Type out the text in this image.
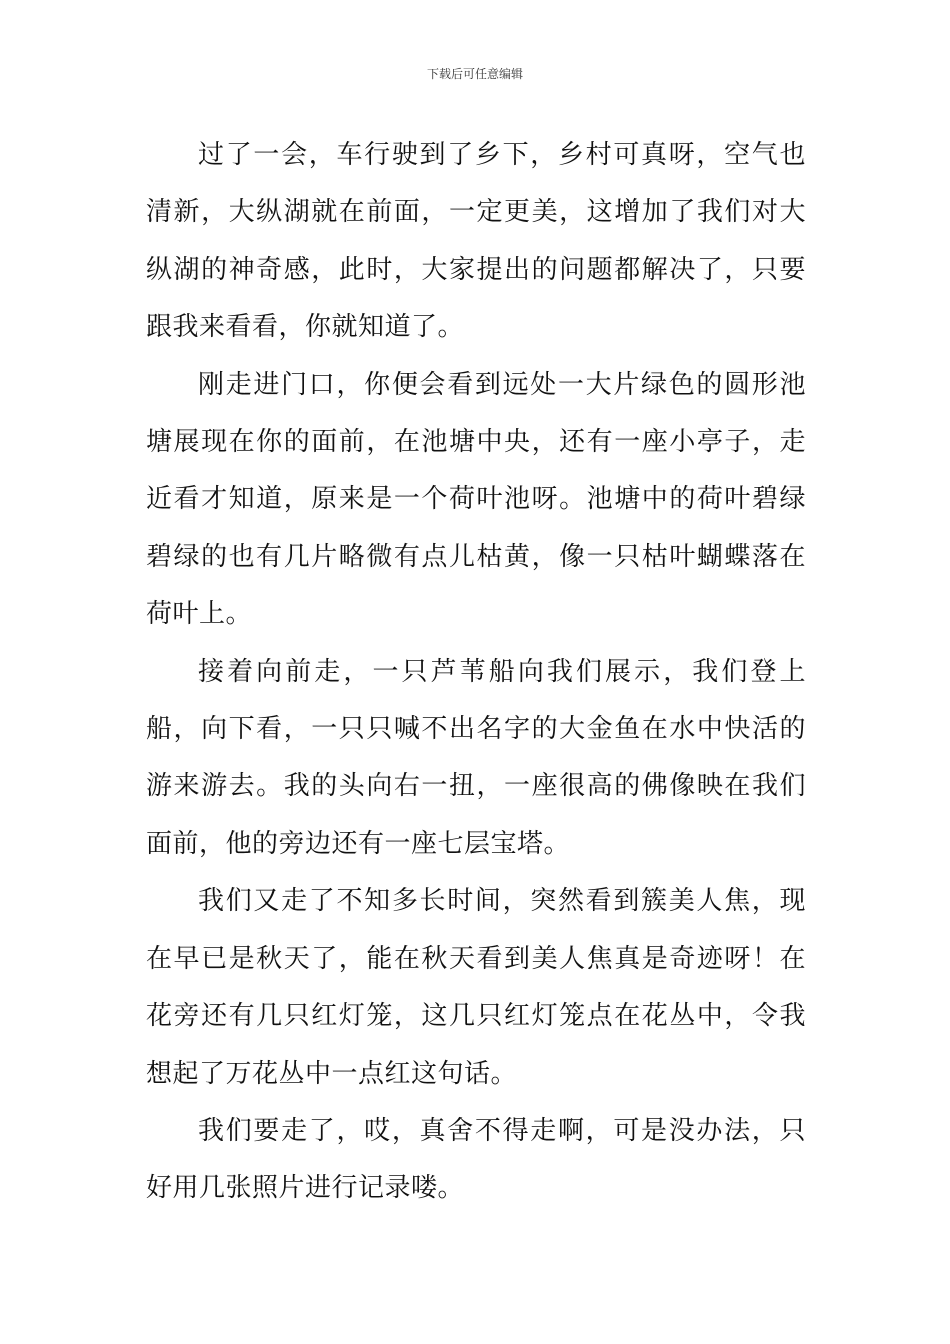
下载后可任意编辑

过了一会，车行驶到了乡下，乡村可真呀，空气也清新，大纵湖就在前面，一定更美，这增加了我们对大纵湖的神奇感，此时，大家提出的问题都解决了，只要跟我来看看，你就知道了。

刚走进门口，你便会看到远处一大片绿色的圆形池塘展现在你的面前，在池塘中央，还有一座小亭子，走近看才知道，原来是一个荷叶池呀。池塘中的荷叶碧绿碧绿的也有几片略微有点儿枯黄，像一只枯叶蝴蝶落在荷叶上。

接着向前走，一只芦苇船向我们展示，我们登上船，向下看，一只只喊不出名字的大金鱼在水中快活的游来游去。我的头向右一扭，一座很高的佛像映在我们面前，他的旁边还有一座七层宝塔。

我们又走了不知多长时间，突然看到簇美人焦，现在早已是秋天了，能在秋天看到美人焦真是奇迹呀！在花旁还有几只红灯笼，这几只红灯笼点在花丛中，令我想起了万花丛中一点红这句话。

我们要走了，哎，真舍不得走啊，可是没办法，只好用几张照片进行记录喽。
